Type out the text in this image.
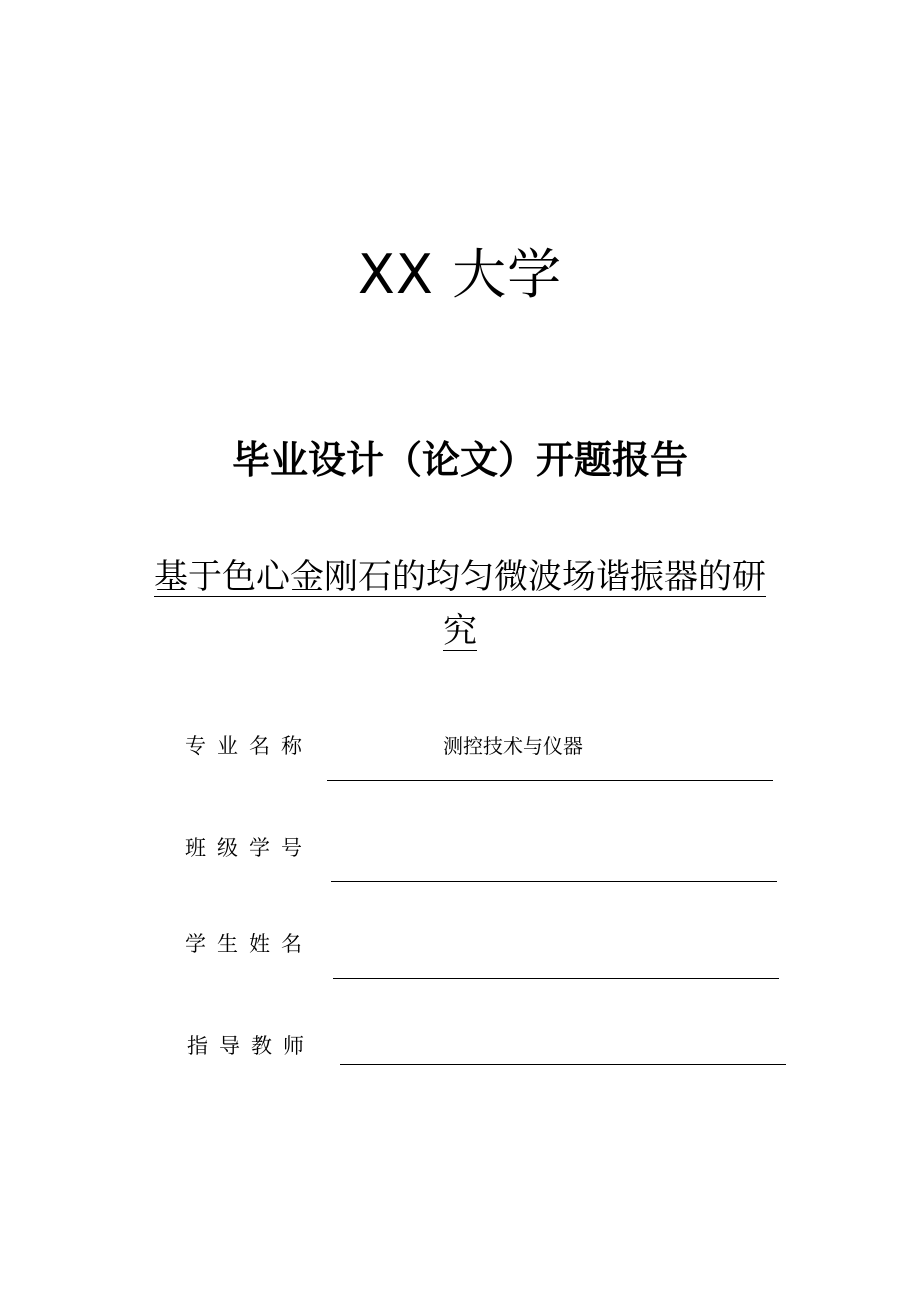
XX 大学
毕业设计（论文）开题报告
基于色心金刚石的均匀微波场谐振器的研究
专业名称	测控技术与仪器
班级学号
学生姓名
指导教师
